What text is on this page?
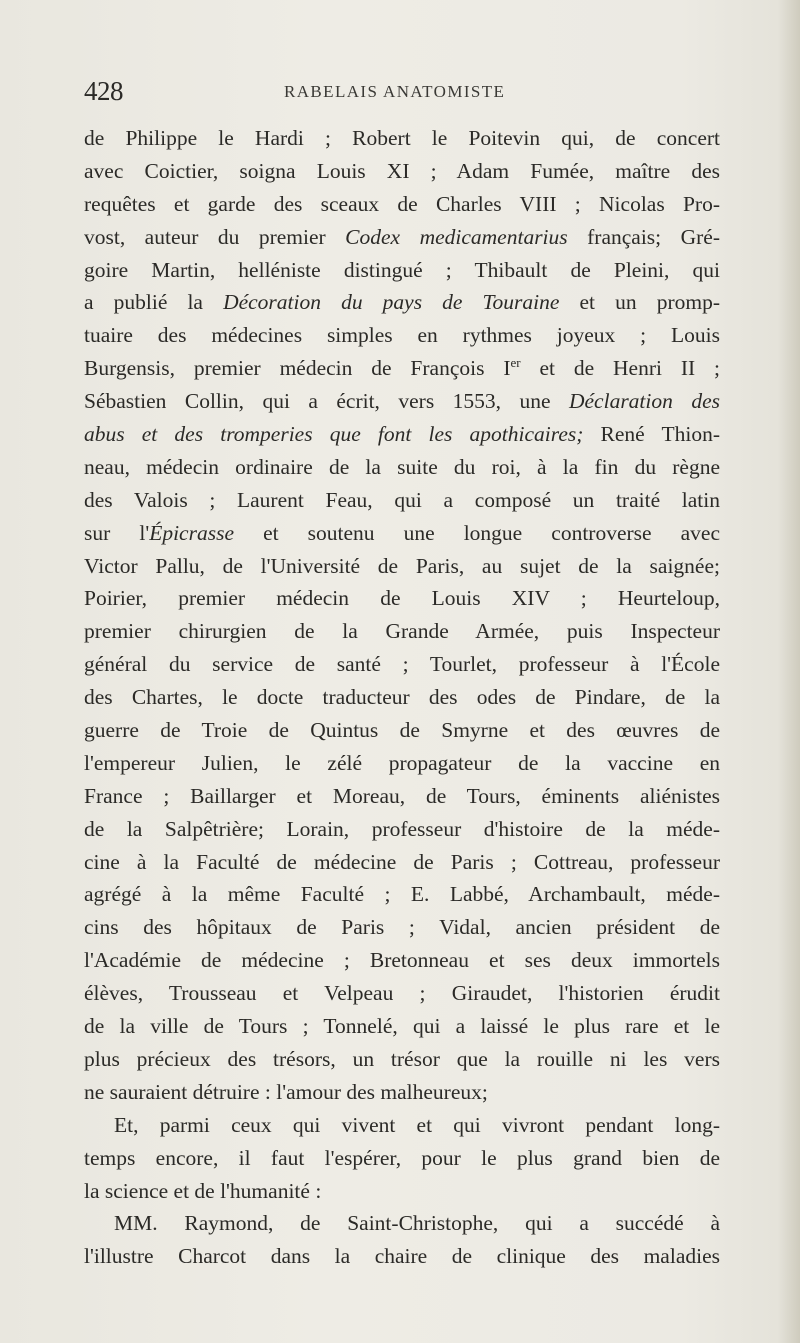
428	RABELAIS ANATOMISTE
de Philippe le Hardi ; Robert le Poitevin qui, de concert
avec Coictier, soigna Louis XI ; Adam Fumée, maître des
requêtes et garde des sceaux de Charles VIII ; Nicolas Pro-
vost, auteur du premier Codex medicamentarius français; Gré-
goire Martin, helléniste distingué ; Thibault de Pleini, qui
a publié la Décoration du pays de Touraine et un promp-
tuaire des médecines simples en rythmes joyeux ; Louis
Burgensis, premier médecin de François Ier et de Henri II ;
Sébastien Collin, qui a écrit, vers 1553, une Déclaration des
abus et des tromperies que font les apothicaires; René Thion-
neau, médecin ordinaire de la suite du roi, à la fin du règne
des Valois ; Laurent Feau, qui a composé un traité latin
sur l'Épicrasse et soutenu une longue controverse avec
Victor Pallu, de l'Université de Paris, au sujet de la saignée;
Poirier, premier médecin de Louis XIV ; Heurteloup,
premier chirurgien de la Grande Armée, puis Inspecteur
général du service de santé ; Tourlet, professeur à l'École
des Chartes, le docte traducteur des odes de Pindare, de la
guerre de Troie de Quintus de Smyrne et des œuvres de
l'empereur Julien, le zélé propagateur de la vaccine en
France ; Baillarger et Moreau, de Tours, éminents aliénistes
de la Salpêtrière; Lorain, professeur d'histoire de la méde-
cine à la Faculté de médecine de Paris ; Cottreau, professeur
agrégé à la même Faculté ; E. Labbé, Archambault, méde-
cins des hôpitaux de Paris ; Vidal, ancien président de
l'Académie de médecine ; Bretonneau et ses deux immortels
élèves, Trousseau et Velpeau ; Giraudet, l'historien érudit
de la ville de Tours ; Tonnelé, qui a laissé le plus rare et le
plus précieux des trésors, un trésor que la rouille ni les vers
ne sauraient détruire : l'amour des malheureux;
Et, parmi ceux qui vivent et qui vivront pendant long-
temps encore, il faut l'espérer, pour le plus grand bien de
la science et de l'humanité :
MM. Raymond, de Saint-Christophe, qui a succédé à
l'illustre Charcot dans la chaire de clinique des maladies
